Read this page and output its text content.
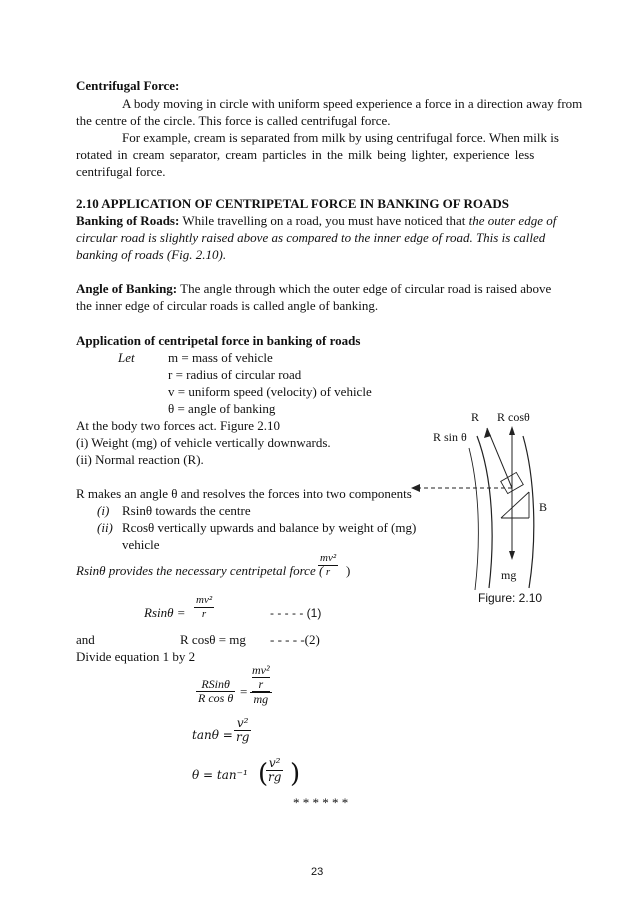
Centrifugal Force:
A body moving in circle with uniform speed experience a force in a direction away from
the centre of the circle. This force is called centrifugal force.
For example, cream is separated from milk by using centrifugal force. When milk is
rotated in cream separator, cream particles in the milk being lighter, experience less
centrifugal force.
2.10 APPLICATION OF CENTRIPETAL FORCE IN BANKING OF ROADS
Banking of Roads: While travelling on a road, you must have noticed that the outer edge of
circular road is slightly raised above as compared to the inner edge of road. This is called
banking of roads (Fig. 2.10).
Angle of Banking: The angle through which the outer edge of circular road is raised above
the inner edge of circular roads is called angle of banking.
Application of centripetal force in banking of roads
Let	m = mass of vehicle
r = radius of circular road
v = uniform speed (velocity) of vehicle
θ = angle of banking
At the body two forces act. Figure 2.10
(i) Weight (mg) of vehicle vertically downwards.
(ii) Normal reaction (R).
R makes an angle θ and resolves the forces into two components
(i) Rsinθ towards the centre
(ii) Rcosθ vertically upwards and balance by weight of (mg)
vehicle
Rsinθ provides the necessary centripetal force (
$\frac{\text{mv²}}{r}$ )
$Rsin\theta = \frac{\text{mv²}}{r}$	- - - - - (1)
and	R cosθ = mg - - - - -(2)
Divide equation 1 by 2
RSinθ
R cos θ = mv²
r
mg
$\tan\theta = \frac{\text{v²}}{rg}$
θ = tan⁻¹ (
$\frac{\text{v²}}{rg}$ )
* * * * * *
R R cosθ
R sin θ
B
mg
Figure: 2.10
23
